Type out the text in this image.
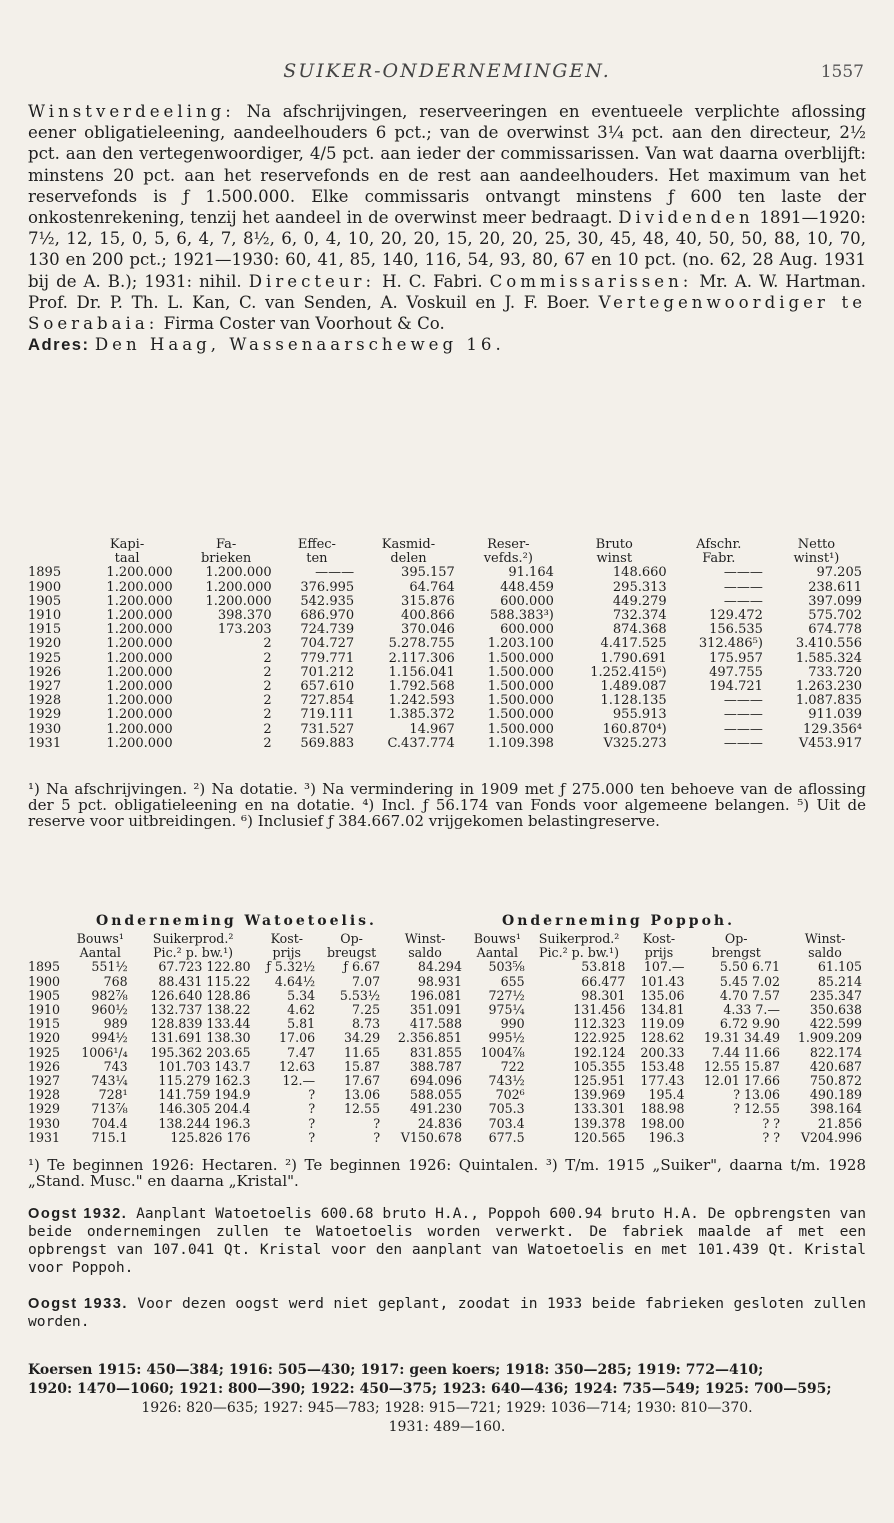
SUIKER-ONDERNEMINGEN.	1557
Winstverdeeling: Na afschrijvingen, reserveeringen en eventueele verplichte aflossing eener obligatieleening, aandeelhouders 6 pct.; van de overwinst 3¼ pct. aan den directeur, 2½ pct. aan den vertegenwoordiger, 4/5 pct. aan ieder der commissarissen. Van wat daarna overblijft: minstens 20 pct. aan het reservefonds en de rest aan aandeelhouders. Het maximum van het reservefonds is ƒ 1.500.000. Elke commissaris ontvangt minstens ƒ 600 ten laste der onkostenrekening, tenzij het aandeel in de overwinst meer bedraagt. Dividenden 1891—1920: 7½, 12, 15, 0, 5, 6, 4, 7, 8½, 6, 0, 4, 10, 20, 20, 15, 20, 20, 25, 30, 45, 48, 40, 50, 50, 88, 10, 70, 130 en 200 pct.; 1921—1930: 60, 41, 85, 140, 116, 54, 93, 80, 67 en 10 pct. (no. 62, 28 Aug. 1931 bij de A. B.); 1931: nihil. Directeur: H. C. Fabri. Commissarissen: Mr. A. W. Hartman. Prof. Dr. P. Th. L. Kan, C. van Senden, A. Voskuil en J. F. Boer. Vertegenwoordiger te Soerabaia: Firma Coster van Voorhout & Co.
Adres: Den Haag, Wassenaarscheweg 16.
	Kapi-	Fa-	Effec-	Kasmid-	Reser-	Bruto	Afschr.	Netto
	taal	brieken	ten	delen	vefds.²)	winst	Fabr.	winst¹)
1895	1.200.000	1.200.000	———	395.157	91.164	148.660	———	97.205
1900	1.200.000	1.200.000	376.995	64.764	448.459	295.313	———	238.611
1905	1.200.000	1.200.000	542.935	315.876	600.000	449.279	———	397.099
1910	1.200.000	398.370	686.970	400.866	588.383³)	732.374	129.472	575.702
1915	1.200.000	173.203	724.739	370.046	600.000	874.368	156.535	674.778
1920	1.200.000	2	704.727	5.278.755	1.203.100	4.417.525	312.486⁵)	3.410.556
1925	1.200.000	2	779.771	2.117.306	1.500.000	1.790.691	175.957	1.585.324
1926	1.200.000	2	701.212	1.156.041	1.500.000	1.252.415⁶)	497.755	733.720
1927	1.200.000	2	657.610	1.792.568	1.500.000	1.489.087	194.721	1.263.230
1928	1.200.000	2	727.854	1.242.593	1.500.000	1.128.135	———	1.087.835
1929	1.200.000	2	719.111	1.385.372	1.500.000	955.913	———	911.039
1930	1.200.000	2	731.527	14.967	1.500.000	160.870⁴)	———	129.356⁴
1931	1.200.000	2	569.883	C.437.774	1.109.398	V325.273	———	V453.917
¹) Na afschrijvingen. ²) Na dotatie. ³) Na vermindering in 1909 met ƒ 275.000 ten behoeve van de aflossing der 5 pct. obligatieleening en na dotatie. ⁴) Incl. ƒ 56.174 van Fonds voor algemeene belangen. ⁵) Uit de reserve voor uitbreidingen. ⁶) Inclusief ƒ 384.667.02 vrijgekomen belastingreserve.
Onderneming Watoetoelis.	Onderneming Poppoh.
	Bouws¹	Suikerprod.²	Kost-	Op-	Winst-	Bouws¹	Suikerprod.²	Kost-	Op-	Winst-
	Aantal	Pic.² p. bw.¹)	prijs	breugst	saldo	Aantal	Pic.² p. bw.¹)	prijs	brengst	saldo
1895	551½	67.723 122.80	ƒ 5.32½	ƒ 6.67	84.294	503⅝	53.818	107.—	5.50 6.71	61.105
1900	768	88.431 115.22	4.64½	7.07	98.931	655	66.477	101.43	5.45 7.02	85.214
1905	982⅞	126.640 128.86	5.34	5.53½	196.081	727½	98.301	135.06	4.70 7.57	235.347
1910	960½	132.737 138.22	4.62	7.25	351.091	975¼	131.456	134.81	4.33 7.—	350.638
1915	989	128.839 133.44	5.81	8.73	417.588	990	112.323	119.09	6.72 9.90	422.599
1920	994½	131.691 138.30	17.06	34.29	2.356.851	995½	122.925	128.62	19.31 34.49	1.909.209
1925	1006¹/₄	195.362 203.65	7.47	11.65	831.855	1004⅞	192.124	200.33	7.44 11.66	822.174
1926	743	101.703 143.7	12.63	15.87	388.787	722	105.355	153.48	12.55 15.87	420.687
1927	743¼	115.279 162.3	12.—	17.67	694.096	743½	125.951	177.43	12.01 17.66	750.872
1928	728¹	141.759 194.9	?	13.06	588.055	702⁶	139.969	195.4	? 13.06	490.189
1929	713⅞	146.305 204.4	?	12.55	491.230	705.3	133.301	188.98	? 12.55	398.164
1930	704.4	138.244 196.3	?	?	24.836	703.4	139.378	198.00	? ?	21.856
1931	715.1	125.826 176	?	?	V150.678	677.5	120.565	196.3	? ?	V204.996
¹) Te beginnen 1926: Hectaren. ²) Te beginnen 1926: Quintalen. ³) T/m. 1915 „Suiker", daarna t/m. 1928 „Stand. Musc." en daarna „Kristal".
Oogst 1932. Aanplant Watoetoelis 600.68 bruto H.A., Poppoh 600.94 bruto H.A. De opbrengsten van beide ondernemingen zullen te Watoetoelis worden verwerkt. De fabriek maalde af met een opbrengst van 107.041 Qt. Kristal voor den aanplant van Watoetoelis en met 101.439 Qt. Kristal voor Poppoh.
Oogst 1933. Voor dezen oogst werd niet geplant, zoodat in 1933 beide fabrieken gesloten zullen worden.
Koersen 1915: 450—384; 1916: 505—430; 1917: geen koers; 1918: 350—285; 1919: 772—410;
1920: 1470—1060; 1921: 800—390; 1922: 450—375; 1923: 640—436; 1924: 735—549; 1925: 700—595;
1926: 820—635; 1927: 945—783; 1928: 915—721; 1929: 1036—714; 1930: 810—370.
1931: 489—160.
